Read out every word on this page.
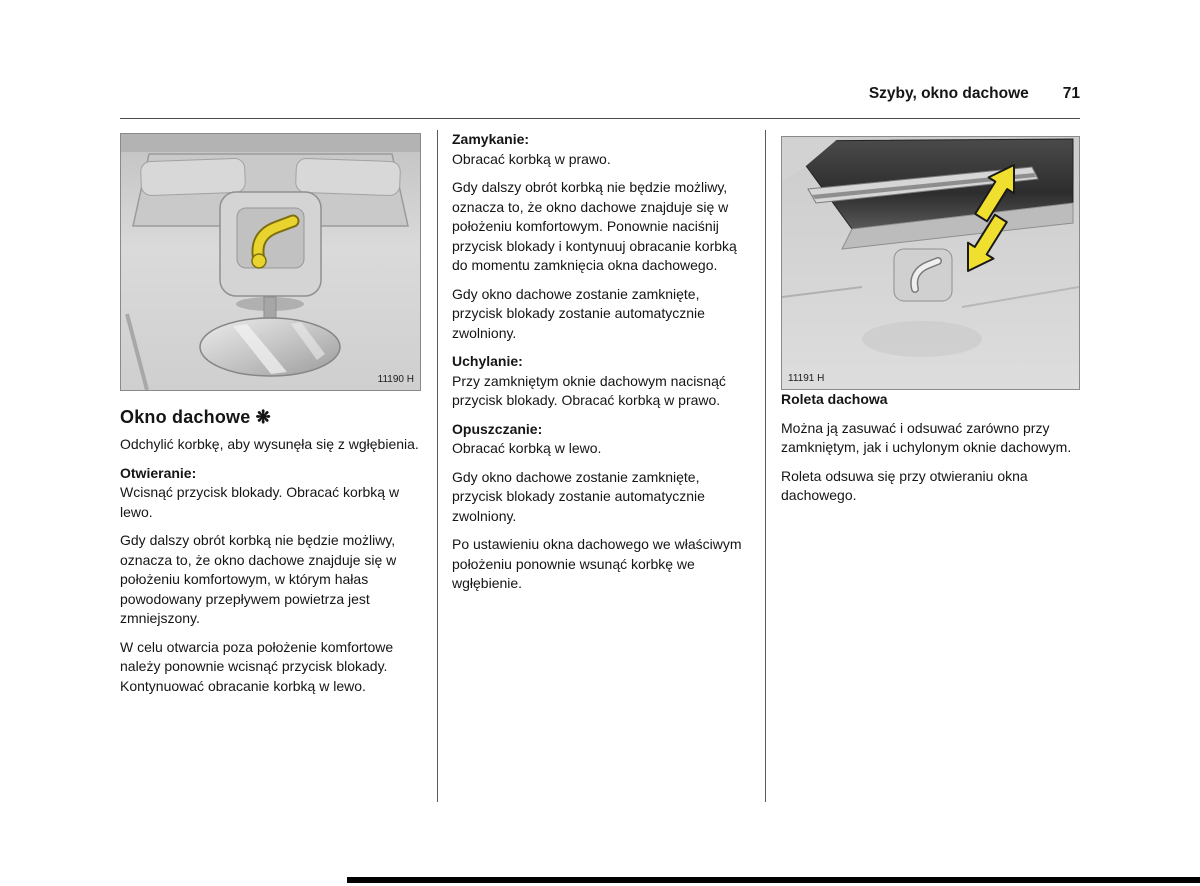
Szyby, okno dachowe 71
11190 H
Okno dachowe ❋

Odchylić korbkę, aby wysunęła się z wgłębienia.

Otwieranie:

Wcisnąć przycisk blokady. Obracać korbką w lewo.

Gdy dalszy obrót korbką nie będzie możliwy, oznacza to, że okno dachowe znajduje się w położeniu komfortowym, w którym hałas powodowany przepływem powietrza jest zmniejszony.

W celu otwarcia poza położenie komfortowe należy ponownie wcisnąć przycisk blokady. Kontynuować obracanie korbką w lewo.

Zamykanie:

Obracać korbką w prawo.

Gdy dalszy obrót korbką nie będzie możliwy, oznacza to, że okno dachowe znajduje się w położeniu komfortowym. Ponownie naciśnij przycisk blokady i kontynuuj obracanie korbką do momentu zamknięcia okna dachowego.

Gdy okno dachowe zostanie zamknięte, przycisk blokady zostanie automatycznie zwolniony.

Uchylanie:

Przy zamkniętym oknie dachowym nacisnąć przycisk blokady. Obracać korbką w prawo.

Opuszczanie:

Obracać korbką w lewo.

Gdy okno dachowe zostanie zamknięte, przycisk blokady zostanie automatycznie zwolniony.

Po ustawieniu okna dachowego we właściwym położeniu ponownie wsunąć korbkę we wgłębienie.

11191 H

Roleta dachowa

Można ją zasuwać i odsuwać zarówno przy zamkniętym, jak i uchylonym oknie dachowym.

Roleta odsuwa się przy otwieraniu okna dachowego.
